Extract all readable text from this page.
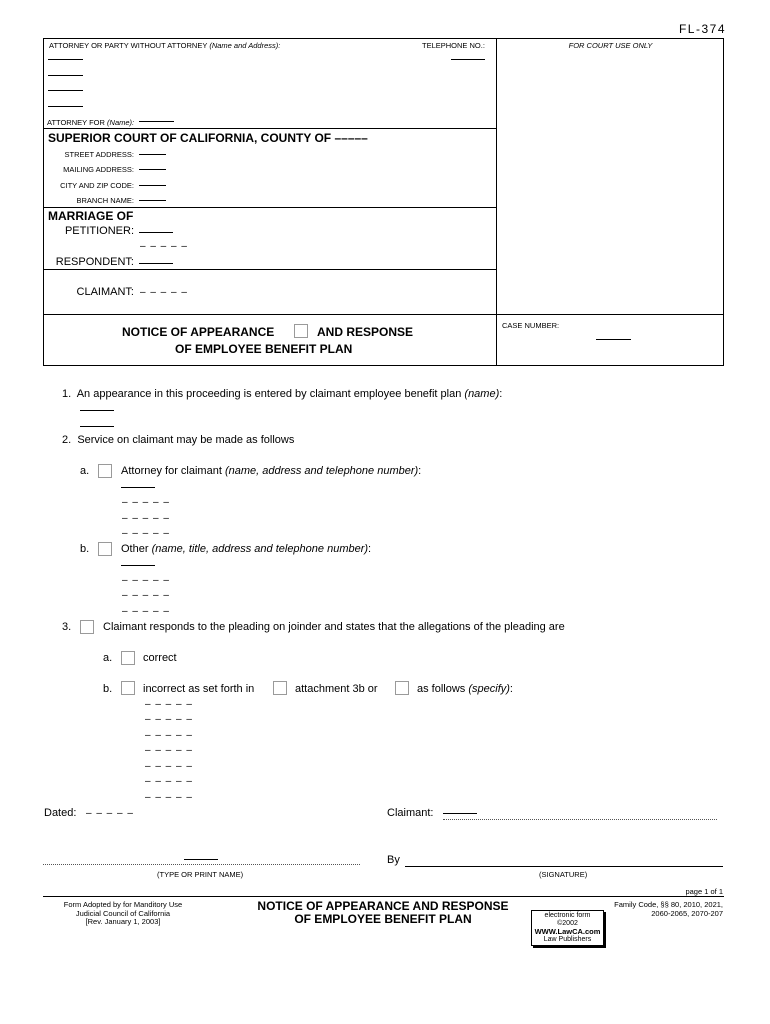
FL-374
ATTORNEY OR PARTY WITHOUT ATTORNEY (Name and Address):	TELEPHONE NO.:	FOR COURT USE ONLY
ATTORNEY FOR (Name):
SUPERIOR COURT OF CALIFORNIA, COUNTY OF –––––
STREET ADDRESS:
MAILING ADDRESS:
CITY AND ZIP CODE:
BRANCH NAME:
MARRIAGE OF
PETITIONER:
– – – – –
RESPONDENT:
CLAIMANT: – – – – –
NOTICE OF APPEARANCE	AND RESPONSE
OF EMPLOYEE BENEFIT PLAN
CASE NUMBER:
1. An appearance in this proceeding is entered by claimant employee benefit plan (name):
2. Service on claimant may be made as follows
a.	Attorney for claimant (name, address and telephone number):
– – – – –
– – – – –
– – – – –
b.	Other (name, title, address and telephone number):
– – – – –
– – – – –
– – – – –
3.	Claimant responds to the pleading on joinder and states that the allegations of the pleading are
a.	correct
b.	incorrect as set forth in	attachment 3b or	as follows (specify):
– – – – –
– – – – –
– – – – –
– – – – –
– – – – –
– – – – –
– – – – –
Dated: – – – – –	Claimant:
By
(TYPE OR PRINT NAME)	(SIGNATURE)
page 1 of 1
Form Adopted by for Manditory Use
Judicial Council of California
[Rev. January 1, 2003]
NOTICE OF APPEARANCE AND RESPONSE
OF EMPLOYEE BENEFIT PLAN	electronic form ©2002
WWW.LawCA.com
Law Publishers
Family Code, §§ 80, 2010, 2021,
2060-2065, 2070-207
